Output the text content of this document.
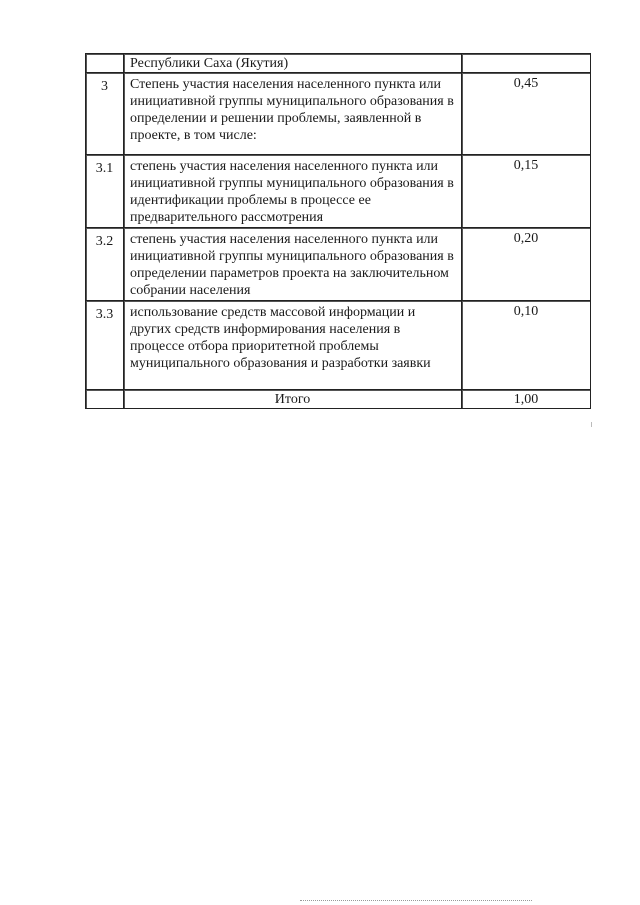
	Республики Саха (Якутия)	
3	Степень участия населения населенного пункта или инициативной группы муниципального образования в определении и решении проблемы, заявленной в проекте, в том числе:	0,45
3.1	степень участия населения населенного пункта или инициативной группы муниципального образования в идентификации проблемы в процессе ее предварительного рассмотрения	0,15
3.2	степень участия населения населенного пункта или инициативной группы муниципального образования в определении параметров проекта на заключительном собрании населения	0,20
3.3	использование средств массовой информации и других средств информирования населения в процессе отбора приоритетной проблемы муниципального образования и разработки заявки	0,10
	Итого	1,00
